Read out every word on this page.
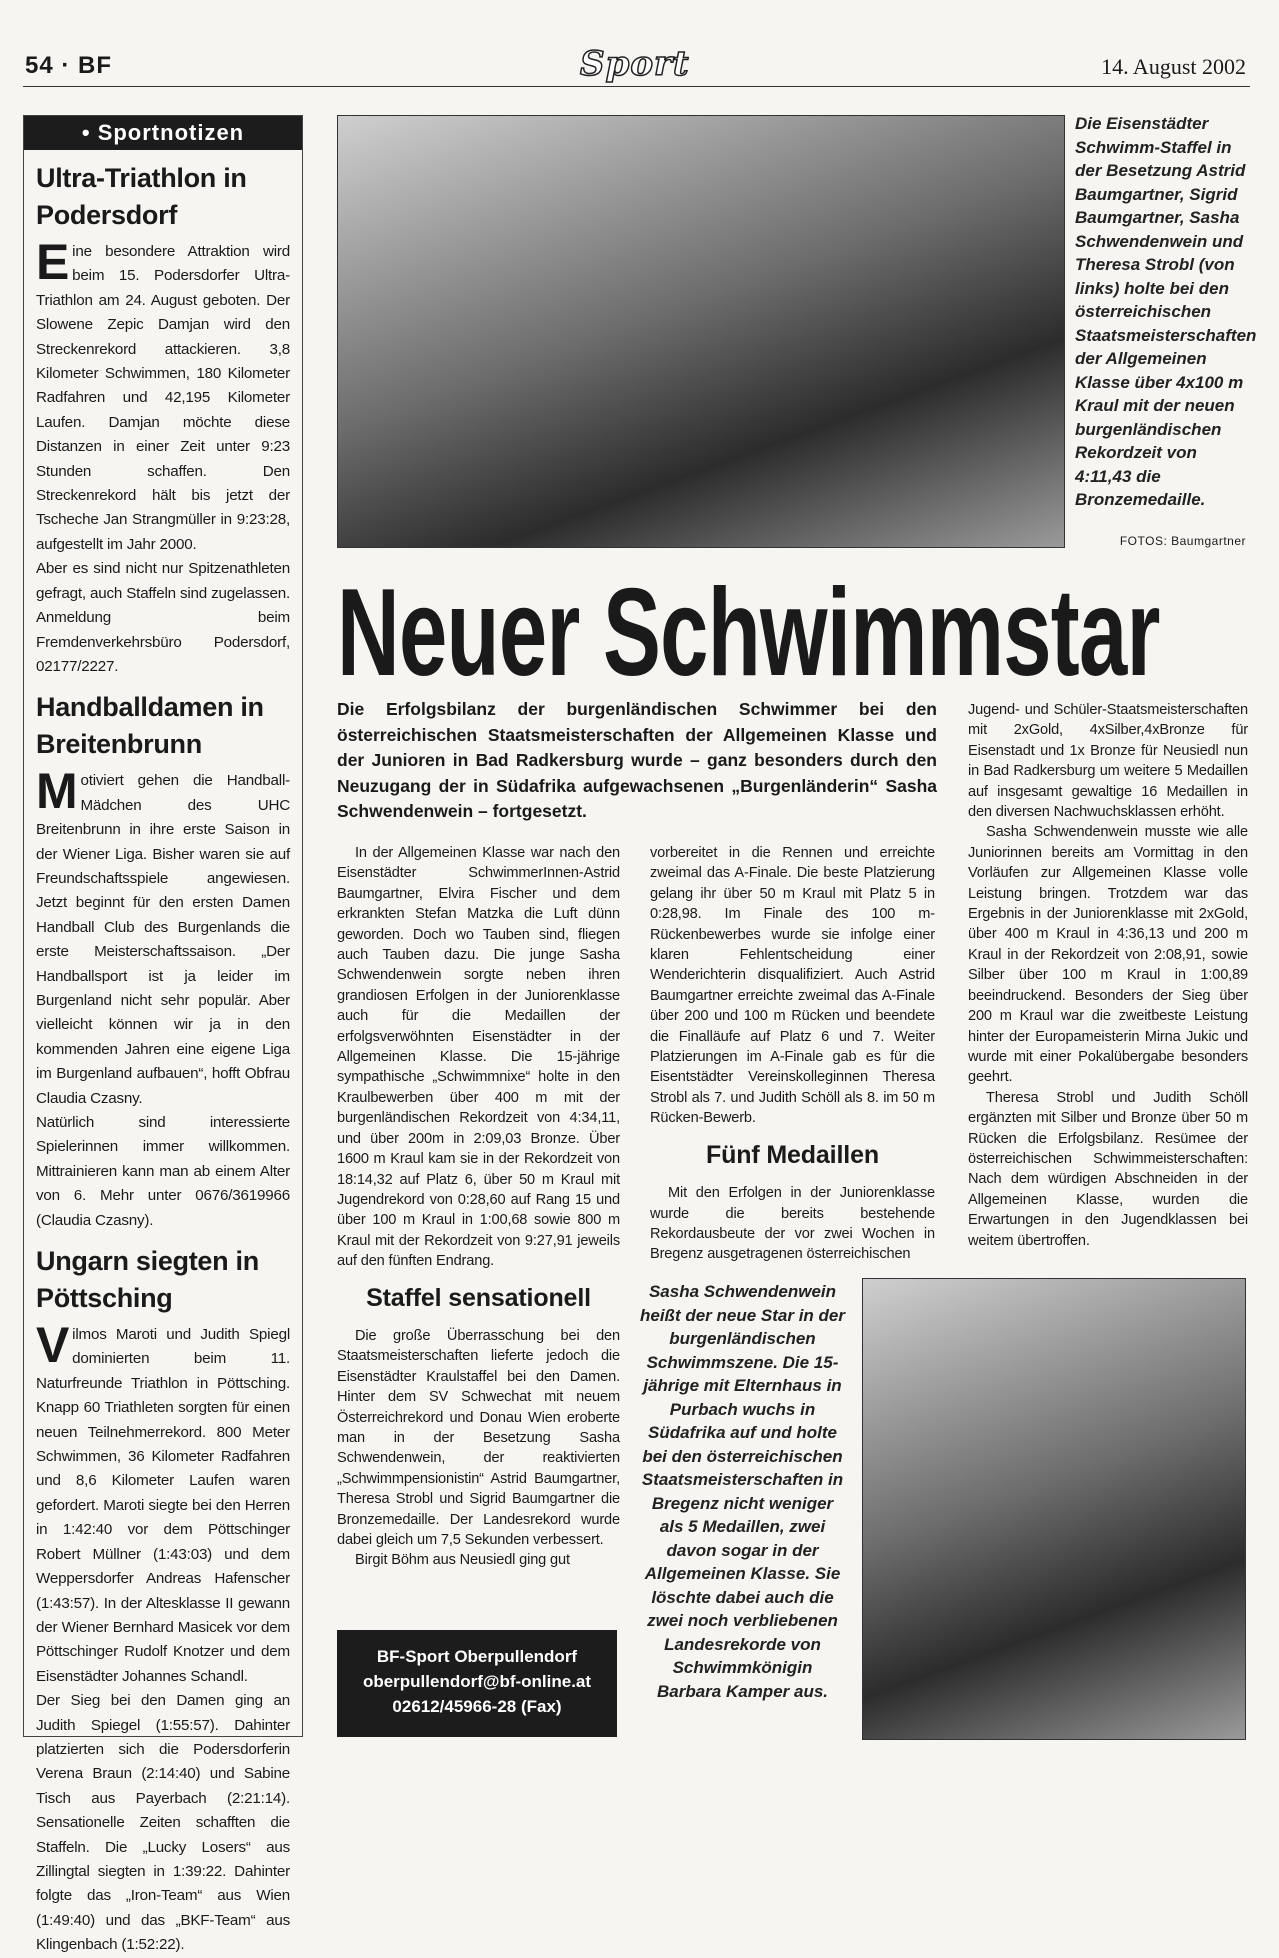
54 · BF	Sport	14. August 2002
• Sportnotizen
Ultra-Triathlon in Podersdorf

Eine besondere Attraktion wird beim 15. Podersdorfer Ultra-Triathlon am 24. August geboten. Der Slowene Zepic Damjan wird den Streckenrekord attackieren. 3,8 Kilometer Schwimmen, 180 Kilometer Radfahren und 42,195 Kilometer Laufen. Damjan möchte diese Distanzen in einer Zeit unter 9:23 Stunden schaffen. Den Streckenrekord hält bis jetzt der Tscheche Jan Strangmüller in 9:23:28, aufgestellt im Jahr 2000.

Aber es sind nicht nur Spitzenathleten gefragt, auch Staffeln sind zugelassen. Anmeldung beim Fremdenverkehrsbüro Podersdorf, 02177/2227.

Handballdamen in Breitenbrunn

Motiviert gehen die Handball-Mädchen des UHC Breitenbrunn in ihre erste Saison in der Wiener Liga. Bisher waren sie auf Freundschaftsspiele angewiesen. Jetzt beginnt für den ersten Damen Handball Club des Burgenlands die erste Meisterschaftssaison. „Der Handballsport ist ja leider im Burgenland nicht sehr populär. Aber vielleicht können wir ja in den kommenden Jahren eine eigene Liga im Burgenland aufbauen“, hofft Obfrau Claudia Czasny.

Natürlich sind interessierte Spielerinnen immer willkommen. Mittrainieren kann man ab einem Alter von 6. Mehr unter 0676/3619966 (Claudia Czasny).

Ungarn siegten in Pöttsching

Vilmos Maroti und Judith Spiegl dominierten beim 11. Naturfreunde Triathlon in Pöttsching. Knapp 60 Triathleten sorgten für einen neuen Teilnehmerrekord. 800 Meter Schwimmen, 36 Kilometer Radfahren und 8,6 Kilometer Laufen waren gefordert. Maroti siegte bei den Herren in 1:42:40 vor dem Pöttschinger Robert Müllner (1:43:03) und dem Weppersdorfer Andreas Hafenscher (1:43:57). In der Altesklasse II gewann der Wiener Bernhard Masicek vor dem Pöttschinger Rudolf Knotzer und dem Eisenstädter Johannes Schandl.

Der Sieg bei den Damen ging an Judith Spiegel (1:55:57). Dahinter platzierten sich die Podersdorferin Verena Braun (2:14:40) und Sabine Tisch aus Payerbach (2:21:14). Sensationelle Zeiten schafften die Staffeln. Die „Lucky Losers“ aus Zillingtal siegten in 1:39:22. Dahinter folgte das „Iron-Team“ aus Wien (1:49:40) und das „BKF-Team“ aus Klingenbach (1:52:22).

Die Eisenstädter Schwimm-Staffel in der Besetzung Astrid Baumgartner, Sigrid Baumgartner, Sasha Schwendenwein und Theresa Strobl (von links) holte bei den österreichischen Staatsmeisterschaften der Allgemeinen Klasse über 4x100 m Kraul mit der neuen burgenländischen Rekordzeit von 4:11,43 die Bronzemedaille.
FOTOS: Baumgartner
Neuer Schwimmstar
Die Erfolgsbilanz der burgenländischen Schwimmer bei den österreichischen Staatsmeisterschaften der Allgemeinen Klasse und der Junioren in Bad Radkersburg wurde – ganz besonders durch den Neuzugang der in Südafrika aufgewachsenen „Burgenländerin“ Sasha Schwendenwein – fortgesetzt.

In der Allgemeinen Klasse war nach den Eisenstädter SchwimmerInnen-Astrid Baumgartner, Elvira Fischer und dem erkrankten Stefan Matzka die Luft dünn geworden. Doch wo Tauben sind, fliegen auch Tauben dazu. Die junge Sasha Schwendenwein sorgte neben ihren grandiosen Erfolgen in der Juniorenklasse auch für die Medaillen der erfolgsverwöhnten Eisenstädter in der Allgemeinen Klasse. Die 15-jährige sympathische „Schwimmnixe“ holte in den Kraulbewerben über 400 m mit der burgenländischen Rekordzeit von 4:34,11, und über 200m in 2:09,03 Bronze. Über 1600 m Kraul kam sie in der Rekordzeit von 18:14,32 auf Platz 6, über 50 m Kraul mit Jugendrekord von 0:28,60 auf Rang 15 und über 100 m Kraul in 1:00,68 sowie 800 m Kraul mit der Rekordzeit von 9:27,91 jeweils auf den fünften Endrang.

Staffel sensationell

Die große Überrasschung bei den Staatsmeisterschaften lieferte jedoch die Eisenstädter Kraulstaffel bei den Damen. Hinter dem SV Schwechat mit neuem Österreichrekord und Donau Wien eroberte man in der Besetzung Sasha Schwendenwein, der reaktivierten „Schwimmpensionistin“ Astrid Baumgartner, Theresa Strobl und Sigrid Baumgartner die Bronzemedaille. Der Landesrekord wurde dabei gleich um 7,5 Sekunden verbessert.

Birgit Böhm aus Neusiedl ging gut

vorbereitet in die Rennen und erreichte zweimal das A-Finale. Die beste Platzierung gelang ihr über 50 m Kraul mit Platz 5 in 0:28,98. Im Finale des 100 m-Rückenbewerbes wurde sie infolge einer klaren Fehlentscheidung einer Wenderichterin disqualifiziert. Auch Astrid Baumgartner erreichte zweimal das A-Finale über 200 und 100 m Rücken und beendete die Finalläufe auf Platz 6 und 7. Weiter Platzierungen im A-Finale gab es für die Eisentstädter Vereinskolleginnen Theresa Strobl als 7. und Judith Schöll als 8. im 50 m Rücken-Bewerb.

Fünf Medaillen

Mit den Erfolgen in der Juniorenklasse wurde die bereits bestehende Rekordausbeute der vor zwei Wochen in Bregenz ausgetragenen österreichischen

Jugend- und Schüler-Staatsmeisterschaften mit 2xGold, 4xSilber,4xBronze für Eisenstadt und 1x Bronze für Neusiedl nun in Bad Radkersburg um weitere 5 Medaillen auf insgesamt gewaltige 16 Medaillen in den diversen Nachwuchsklassen erhöht.

Sasha Schwendenwein musste wie alle Juniorinnen bereits am Vormittag in den Vorläufen zur Allgemeinen Klasse volle Leistung bringen. Trotzdem war das Ergebnis in der Juniorenklasse mit 2xGold, über 400 m Kraul in 4:36,13 und 200 m Kraul in der Rekordzeit von 2:08,91, sowie Silber über 100 m Kraul in 1:00,89 beeindruckend. Besonders der Sieg über 200 m Kraul war die zweitbeste Leistung hinter der Europameisterin Mirna Jukic und wurde mit einer Pokalübergabe besonders geehrt.

Theresa Strobl und Judith Schöll ergänzten mit Silber und Bronze über 50 m Rücken die Erfolgsbilanz. Resümee der österreichischen Schwimmeisterschaften: Nach dem würdigen Abschneiden in der Allgemeinen Klasse, wurden die Erwartungen in den Jugendklassen bei weitem übertroffen.

Sasha Schwendenwein heißt der neue Star in der burgenländischen Schwimmszene. Die 15-jährige mit Elternhaus in Purbach wuchs in Südafrika auf und holte bei den österreichischen Staatsmeisterschaften in Bregenz nicht weniger als 5 Medaillen, zwei davon sogar in der Allgemeinen Klasse. Sie löschte dabei auch die zwei noch verbliebenen Landesrekorde von Schwimmkönigin Barbara Kamper aus.
BF-Sport Oberpullendorf
oberpullendorf@bf-online.at
02612/45966-28 (Fax)
